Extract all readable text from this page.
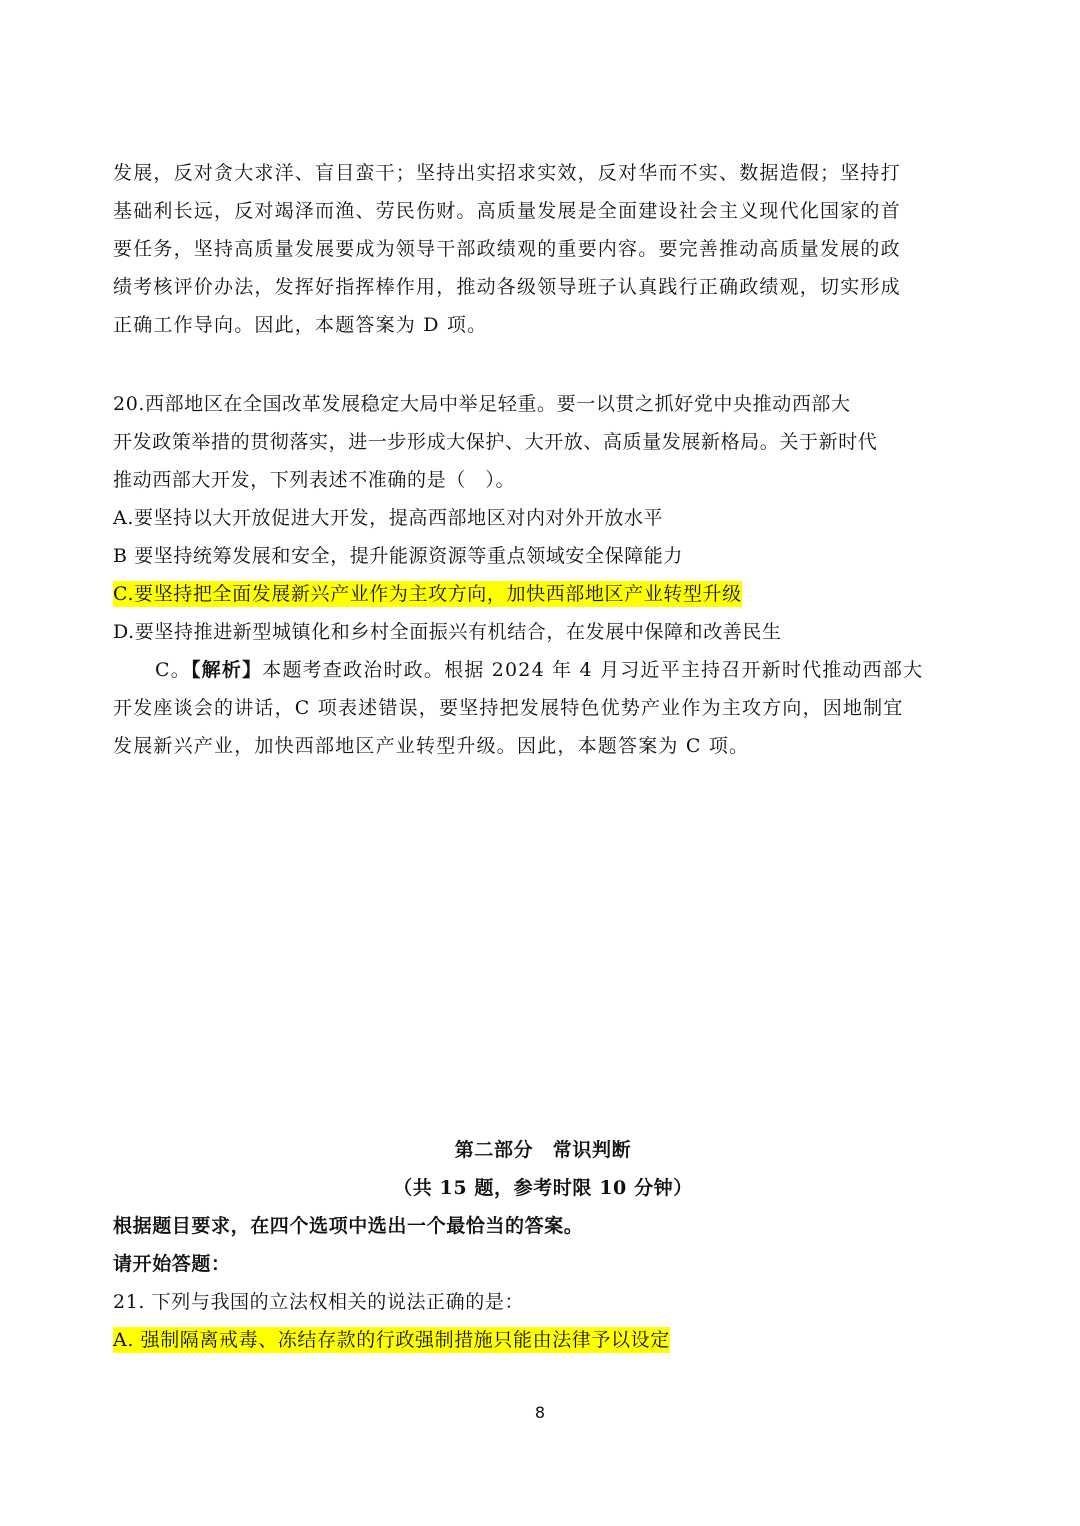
发展，反对贪大求洋、盲目蛮干；坚持出实招求实效，反对华而不实、数据造假；坚持打
基础利长远，反对竭泽而渔、劳民伤财。高质量发展是全面建设社会主义现代化国家的首
要任务，坚持高质量发展要成为领导干部政绩观的重要内容。要完善推动高质量发展的政
绩考核评价办法，发挥好指挥棒作用，推动各级领导班子认真践行正确政绩观，切实形成
正确工作导向。因此，本题答案为 D 项。
20.西部地区在全国改革发展稳定大局中举足轻重。要一以贯之抓好党中央推动西部大
开发政策举措的贯彻落实，进一步形成大保护、大开放、高质量发展新格局。关于新时代
推动西部大开发，下列表述不准确的是（　）。
A.要坚持以大开放促进大开发，提高西部地区对内对外开放水平
B 要坚持统筹发展和安全，提升能源资源等重点领域安全保障能力
C.要坚持把全面发展新兴产业作为主攻方向，加快西部地区产业转型升级
D.要坚持推进新型城镇化和乡村全面振兴有机结合，在发展中保障和改善民生
C。【解析】本题考查政治时政。根据 2024 年 4 月习近平主持召开新时代推动西部大
开发座谈会的讲话，C 项表述错误，要坚持把发展特色优势产业作为主攻方向，因地制宜
发展新兴产业，加快西部地区产业转型升级。因此，本题答案为 C 项。
第二部分　常识判断
（共 15 题，参考时限 10 分钟）
根据题目要求，在四个选项中选出一个最恰当的答案。
请开始答题：
21. 下列与我国的立法权相关的说法正确的是：
A. 强制隔离戒毒、冻结存款的行政强制措施只能由法律予以设定
8
